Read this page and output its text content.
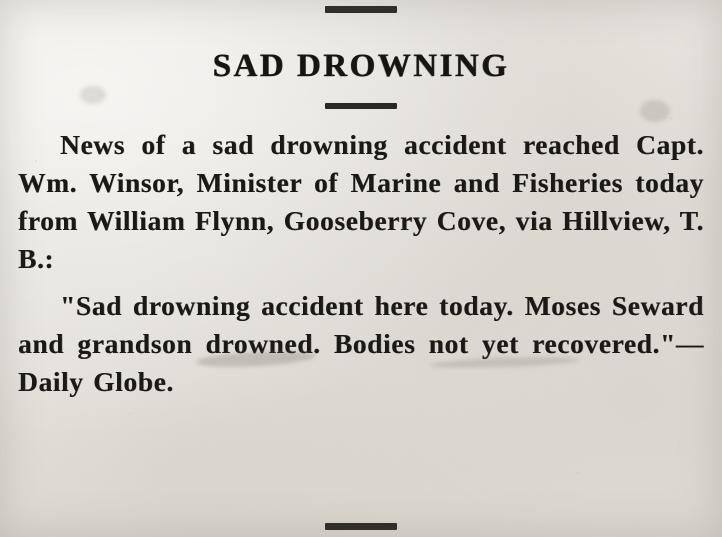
SAD DROWNING

News of a sad drowning accident reached Capt. Wm. Winsor, Minister of Marine and Fisheries today from William Flynn, Gooseberry Cove, via Hillview, T. B.:

"Sad drowning accident here today. Moses Seward and grandson drowned. Bodies not yet recovered."—Daily Globe.
